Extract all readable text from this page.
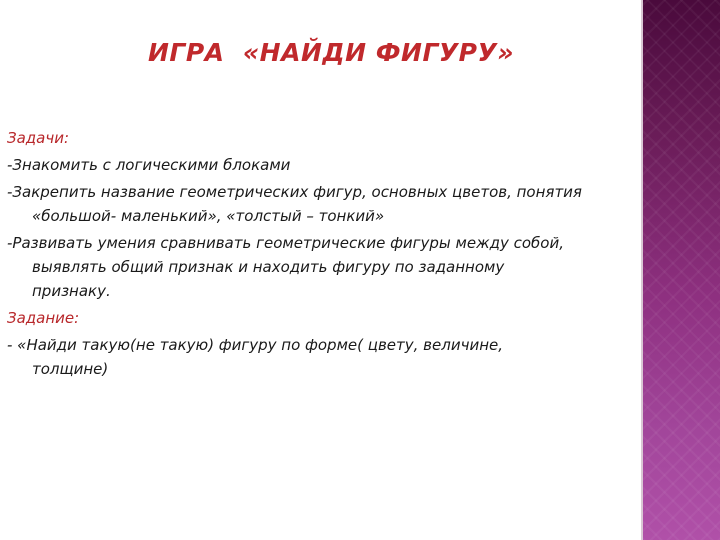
ИГРА  «НАЙДИ ФИГУРУ»
Задачи:
-Знакомить с логическими блоками
-Закрепить название геометрических фигур, основных цветов, понятия «большой- маленький», «толстый – тонкий»
-Развивать умения сравнивать геометрические фигуры между собой, выявлять общий признак и находить фигуру по заданному признаку.
Задание:
- «Найди такую(не такую) фигуру по форме( цвету, величине, толщине)
